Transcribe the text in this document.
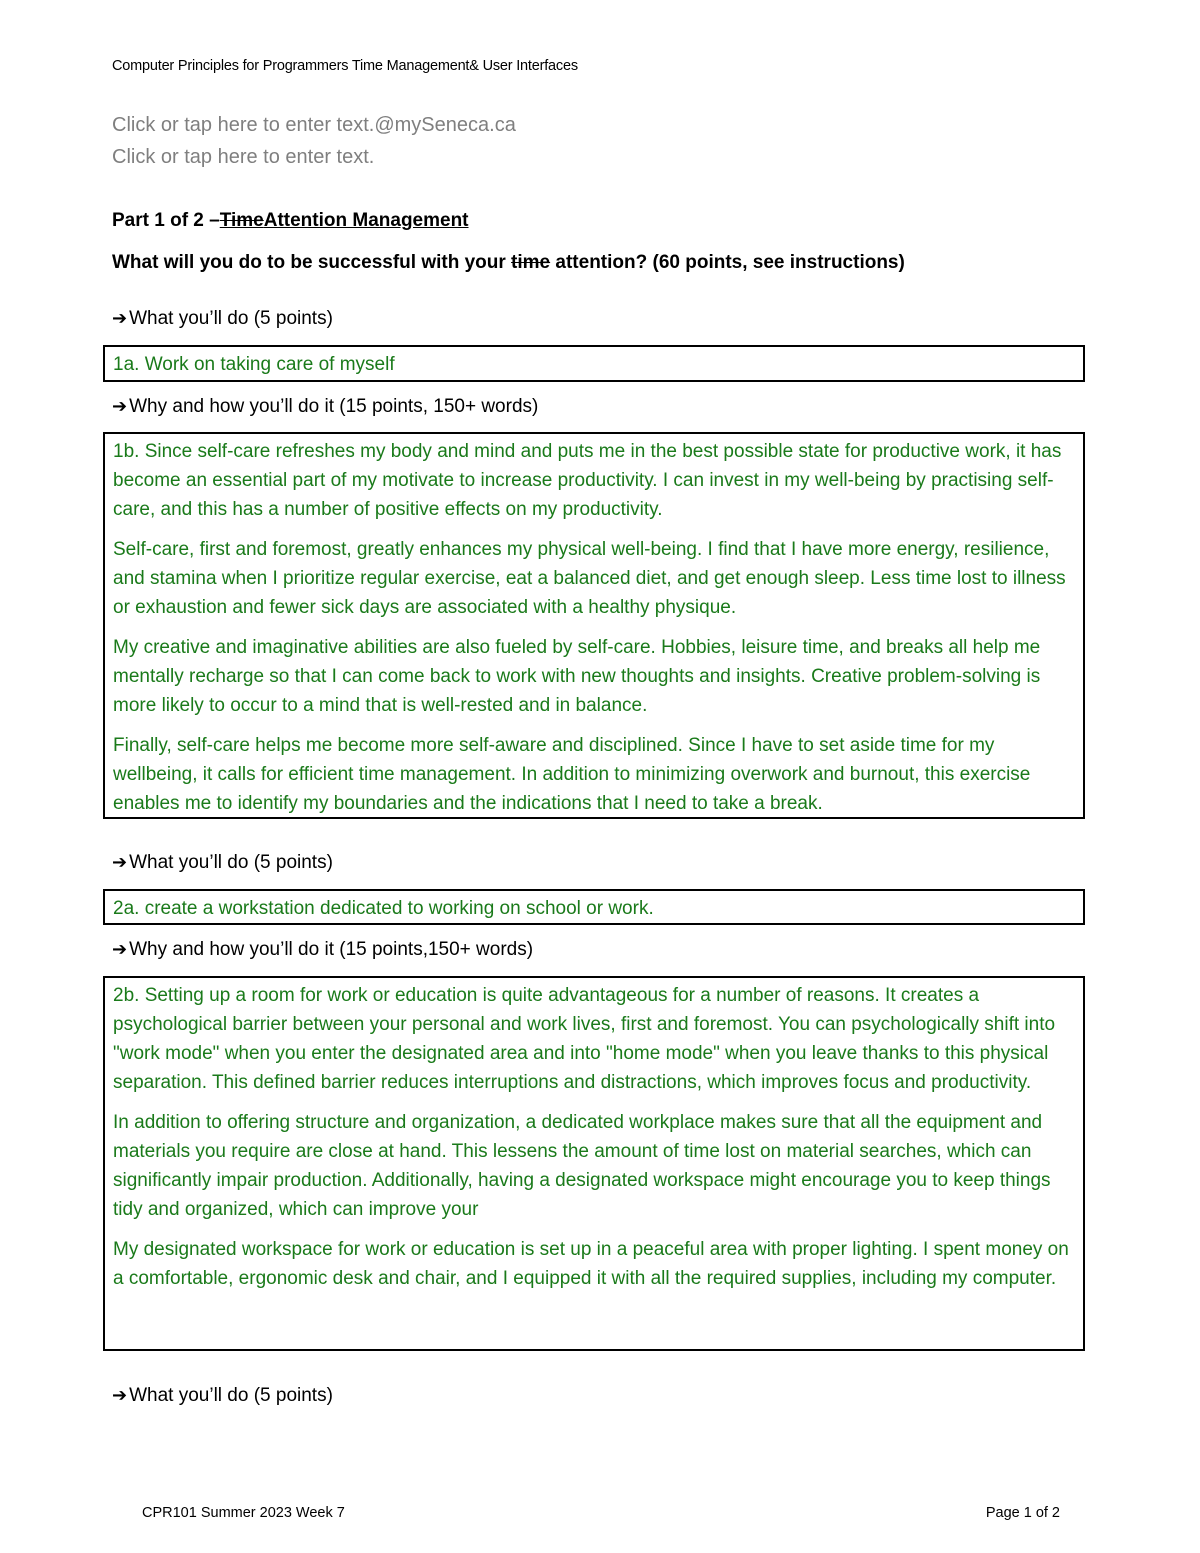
Computer Principles for Programmers Time Management& User Interfaces
Click or tap here to enter text.@mySeneca.ca
Click or tap here to enter text.
Part 1 of 2 –TimeAttention Management
What will you do to be successful with your time attention? (60 points, see instructions)
➔ What you’ll do (5 points)

1a. Work on taking care of myself

➔ Why and how you’ll do it (15 points, 150+ words)

1b. Since self-care refreshes my body and mind and puts me in the best possible state for productive work, it has become an essential part of my motivate to increase productivity. I can invest in my well-being by practising self-care, and this has a number of positive effects on my productivity.

Self-care, first and foremost, greatly enhances my physical well-being. I find that I have more energy, resilience, and stamina when I prioritize regular exercise, eat a balanced diet, and get enough sleep. Less time lost to illness or exhaustion and fewer sick days are associated with a healthy physique.

My creative and imaginative abilities are also fueled by self-care. Hobbies, leisure time, and breaks all help me mentally recharge so that I can come back to work with new thoughts and insights. Creative problem-solving is more likely to occur to a mind that is well-rested and in balance.

Finally, self-care helps me become more self-aware and disciplined. Since I have to set aside time for my wellbeing, it calls for efficient time management. In addition to minimizing overwork and burnout, this exercise enables me to identify my boundaries and the indications that I need to take a break.

➔ What you’ll do (5 points)

2a. create a workstation dedicated to working on school or work.

➔ Why and how you’ll do it (15 points,150+ words)

2b. Setting up a room for work or education is quite advantageous for a number of reasons. It creates a psychological barrier between your personal and work lives, first and foremost. You can psychologically shift into "work mode" when you enter the designated area and into "home mode" when you leave thanks to this physical separation. This defined barrier reduces interruptions and distractions, which improves focus and productivity.

In addition to offering structure and organization, a dedicated workplace makes sure that all the equipment and materials you require are close at hand. This lessens the amount of time lost on material searches, which can significantly impair production. Additionally, having a designated workspace might encourage you to keep things tidy and organized, which can improve your

My designated workspace for work or education is set up in a peaceful area with proper lighting. I spent money on a comfortable, ergonomic desk and chair, and I equipped it with all the required supplies, including my computer.

➔ What you’ll do (5 points)
CPR101 Summer 2023 Week 7	Page 1 of 2
